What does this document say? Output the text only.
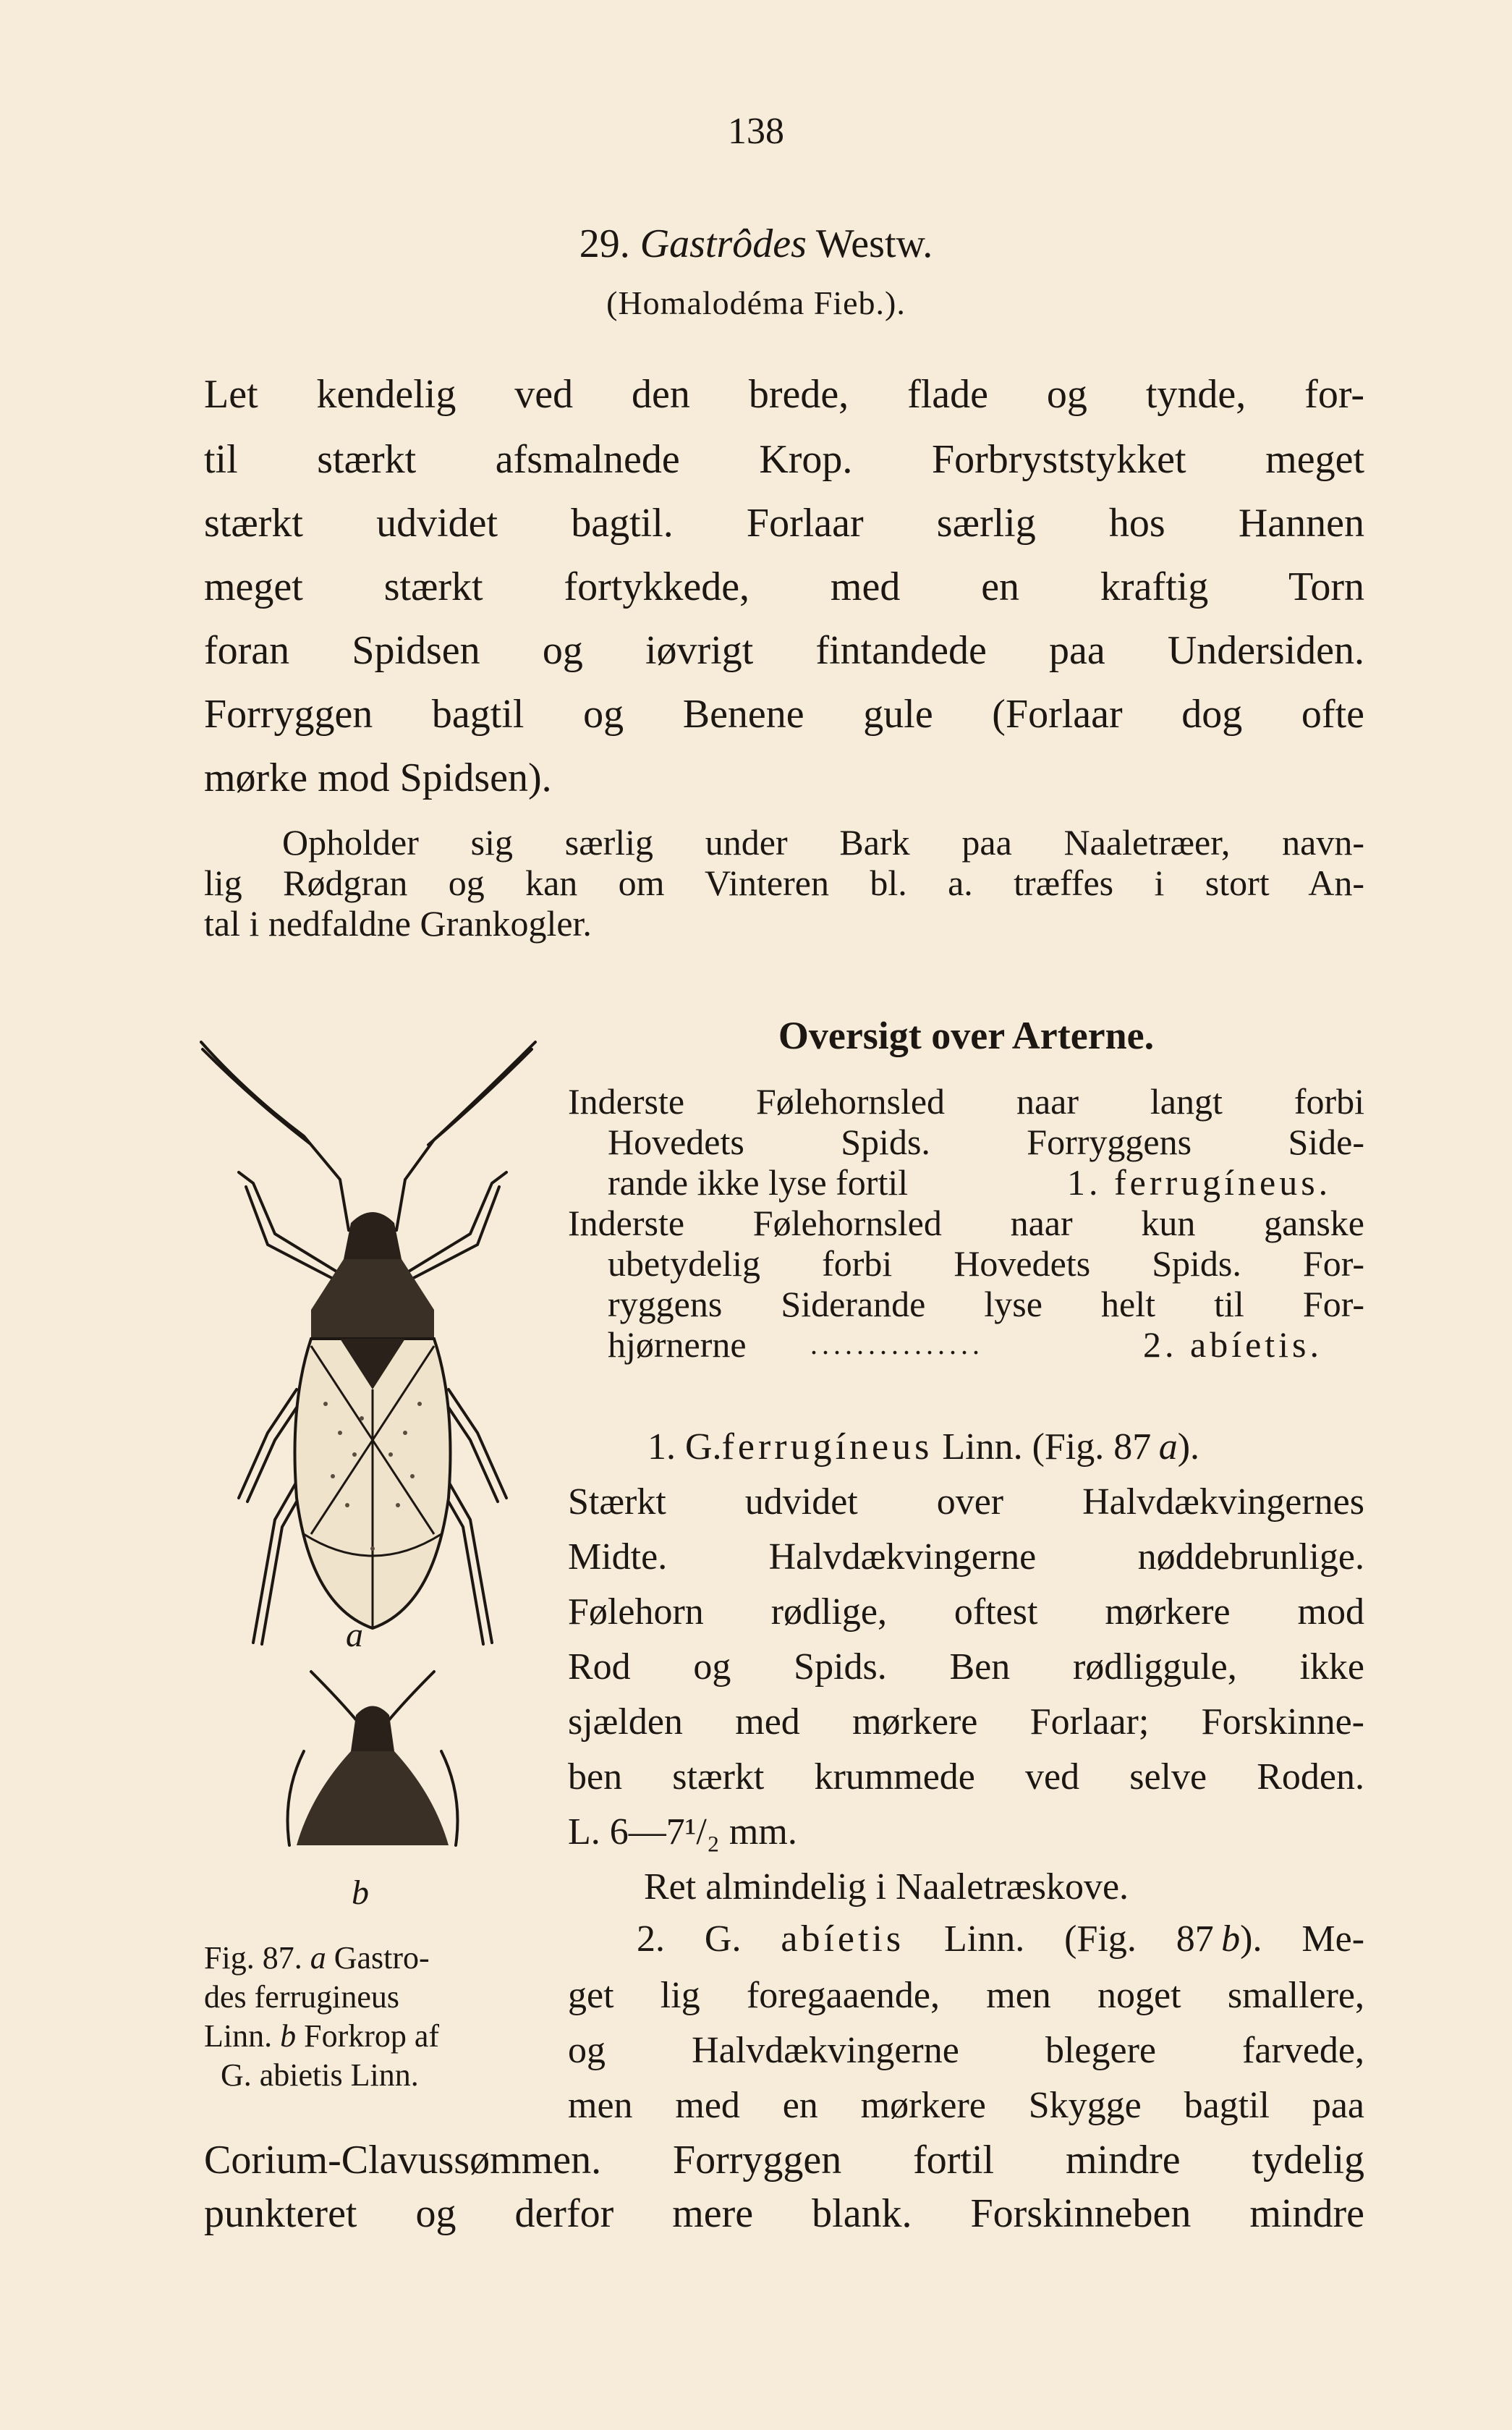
138
29. Gastrôdes Westw.
(Homalodéma Fieb.).
Let kendelig ved den brede, flade og tynde, for-
til stærkt afsmalnede Krop. Forbryststykket meget
stærkt udvidet bagtil. Forlaar særlig hos Hannen
meget stærkt fortykkede, med en kraftig Torn
foran Spidsen og iøvrigt fintandede paa Undersiden.
Forryggen bagtil og Benene gule (Forlaar dog ofte
mørke mod Spidsen).
Opholder sig særlig under Bark paa Naaletræer, navn-
lig Rødgran og kan om Vinteren bl. a. træffes i stort An-
tal i nedfaldne Grankogler.
a
b
Fig. 87. a Gastro-
des ferrugineus
Linn. b Forkrop af
G. abietis Linn.
Oversigt over Arterne.
Inderste Følehornsled naar langt forbi
Hovedets Spids. Forryggens Side-
rande ikke lyse fortil	1. ferrugíneus.
Inderste Følehornsled naar kun ganske
ubetydelig forbi Hovedets Spids. For-
ryggens Siderande lyse helt til For-
hjørnerne ...............	2. abíetis.
1. G.ferrugíneus Linn. (Fig. 87  a).
Stærkt udvidet over Halvdækvingernes
Midte. Halvdækvingerne nøddebrunlige.
Følehorn rødlige, oftest mørkere mod
Rod og Spids. Ben rødliggule, ikke
sjælden med mørkere Forlaar; Forskinne-
ben stærkt krummede ved selve Roden.
L. 6—7¹/₂ mm.
Ret almindelig i Naaletræskove.
2. G. abíetis Linn. (Fig. 87  b). Me-
get lig foregaaende, men noget smallere,
og Halvdækvingerne blegere farvede,
men med en mørkere Skygge bagtil paa
Corium-Clavussømmen. Forryggen fortil mindre tydelig
punkteret og derfor mere blank. Forskinneben mindre
